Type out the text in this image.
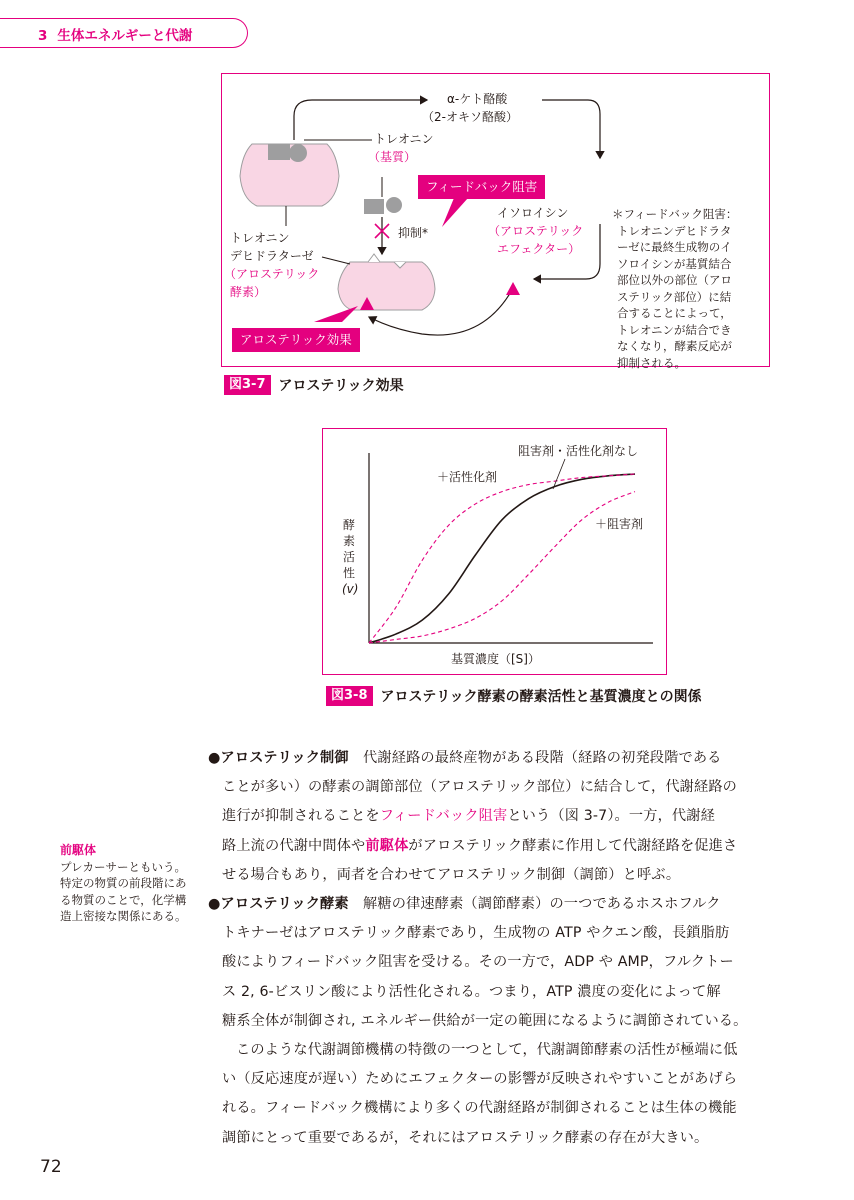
3 生体エネルギーと代謝
α-ケト酪酸
（2-オキソ酪酸）
トレオニン
（基質）
フィードバック阻害
抑制*
イソロイシン
（アロステリック
エフェクター）
トレオニン
デヒドラターゼ
（アロステリック
酵素）
アロステリック効果
＊フィードバック阻害：
トレオニンデヒドラタ
ーゼに最終生成物のイ
ソロイシンが基質結合
部位以外の部位（アロ
ステリック部位）に結
合することによって，
トレオニンが結合でき
なくなり，酵素反応が
抑制される。
図3-7 アロステリック効果
阻害剤・活性化剤なし
＋活性化剤
＋阻害剤
酵
素
活
性
(v)
基質濃度（[S]）
図3-8 アロステリック酵素の酵素活性と基質濃度との関係
前駆体
プレカーサーともいう。
特定の物質の前段階にあ
る物質のことで，化学構
造上密接な関係にある。
●アロステリック制御　代謝経路の最終産物がある段階（経路の初発段階である
ことが多い）の酵素の調節部位（アロステリック部位）に結合して，代謝経路の
進行が抑制されることをフィードバック阻害という（図 3-7）。一方，代謝経
路上流の代謝中間体や前駆体がアロステリック酵素に作用して代謝経路を促進さ
せる場合もあり，両者を合わせてアロステリック制御（調節）と呼ぶ。
●アロステリック酵素　解糖の律速酵素（調節酵素）の一つであるホスホフルク
トキナーゼはアロステリック酵素であり，生成物の ATP やクエン酸，長鎖脂肪
酸によりフィードバック阻害を受ける。その一方で，ADP や AMP，フルクトー
ス 2, 6-ビスリン酸により活性化される。つまり，ATP 濃度の変化によって解
糖系全体が制御され, エネルギー供給が一定の範囲になるように調節されている。
このような代謝調節機構の特徴の一つとして，代謝調節酵素の活性が極端に低
い（反応速度が遅い）ためにエフェクターの影響が反映されやすいことがあげら
れる。フィードバック機構により多くの代謝経路が制御されることは生体の機能
調節にとって重要であるが，それにはアロステリック酵素の存在が大きい。
72
